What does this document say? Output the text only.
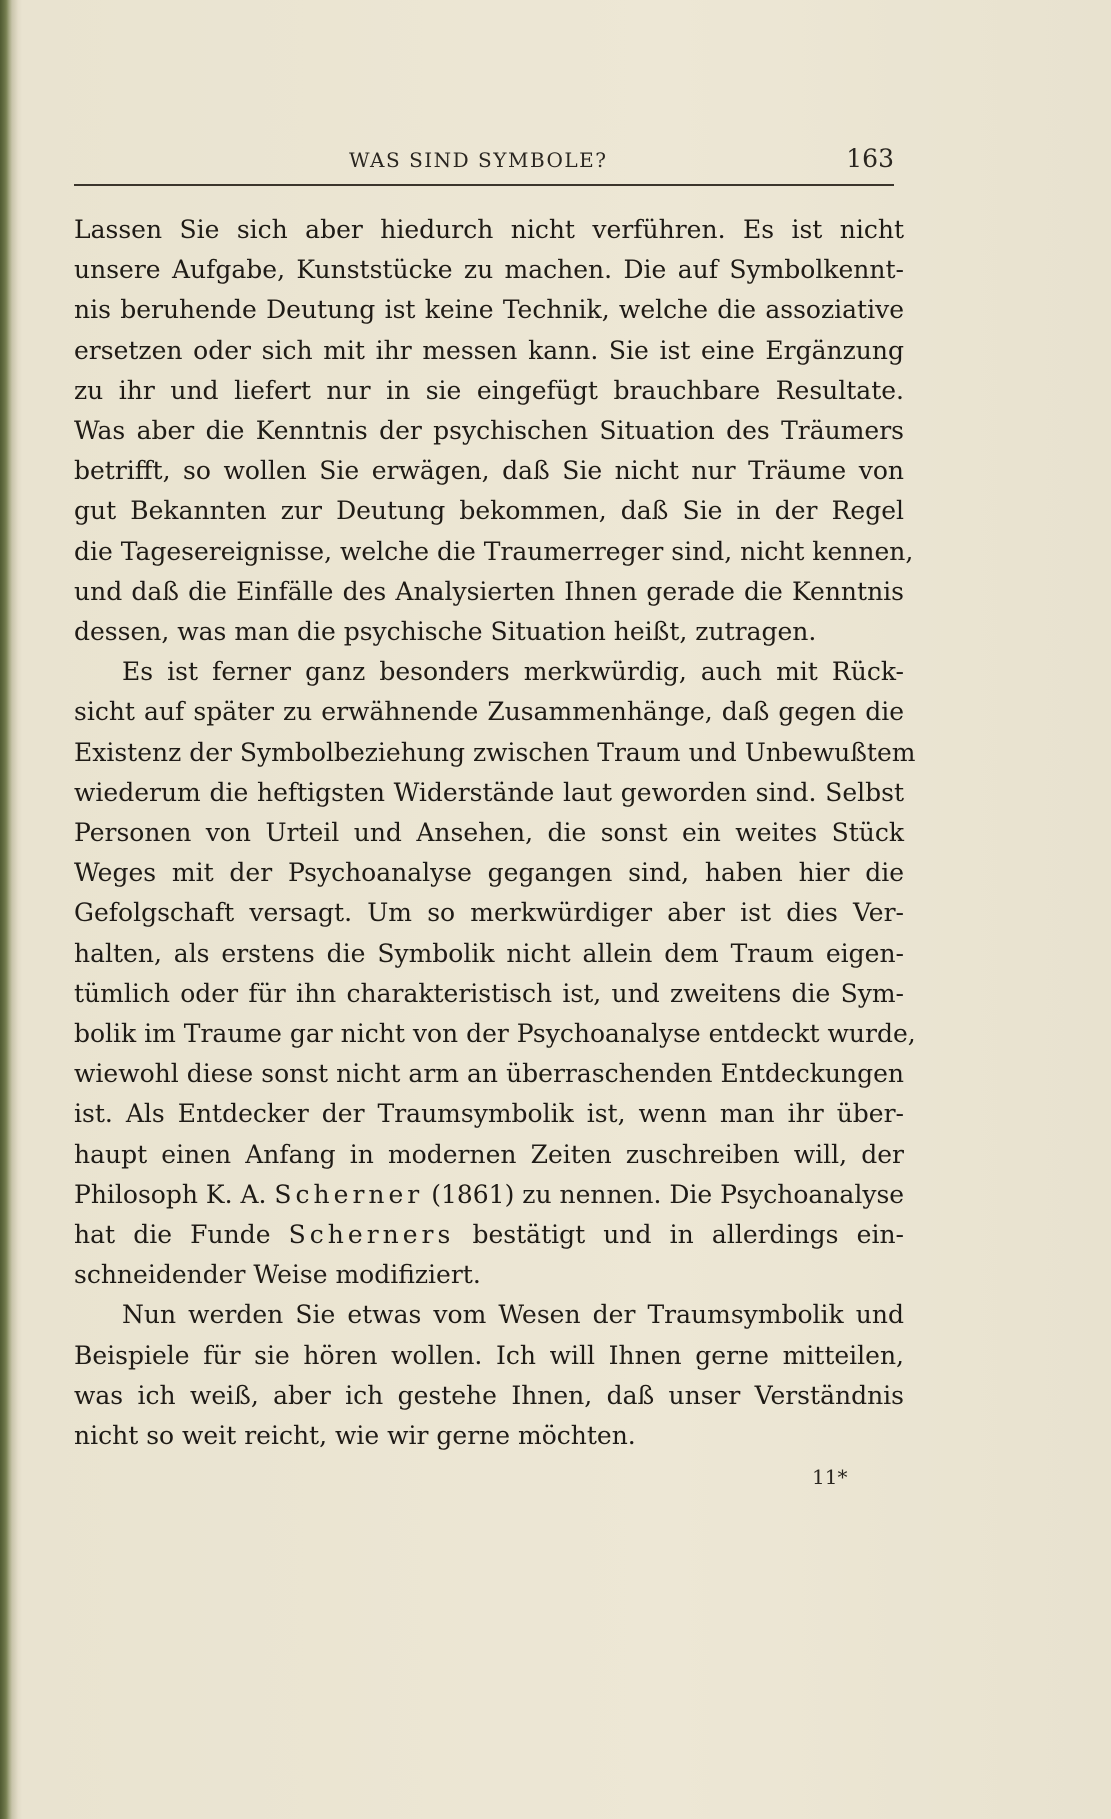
WAS SIND SYMBOLE?	163

Lassen Sie sich aber hiedurch nicht verführen. Es ist nicht
unsere Aufgabe, Kunststücke zu machen. Die auf Symbolkennt-
nis beruhende Deutung ist keine Technik, welche die assoziative
ersetzen oder sich mit ihr messen kann. Sie ist eine Ergänzung
zu ihr und liefert nur in sie eingefügt brauchbare Resultate.
Was aber die Kenntnis der psychischen Situation des Träumers
betrifft, so wollen Sie erwägen, daß Sie nicht nur Träume von
gut Bekannten zur Deutung bekommen, daß Sie in der Regel
die Tagesereignisse, welche die Traumerreger sind, nicht kennen,
und daß die Einfälle des Analysierten Ihnen gerade die Kenntnis
dessen, was man die psychische Situation heißt, zutragen.

Es ist ferner ganz besonders merkwürdig, auch mit Rück-
sicht auf später zu erwähnende Zusammenhänge, daß gegen die
Existenz der Symbolbeziehung zwischen Traum und Unbewußtem
wiederum die heftigsten Widerstände laut geworden sind. Selbst
Personen von Urteil und Ansehen, die sonst ein weites Stück
Weges mit der Psychoanalyse gegangen sind, haben hier die
Gefolgschaft versagt. Um so merkwürdiger aber ist dies Ver-
halten, als erstens die Symbolik nicht allein dem Traum eigen-
tümlich oder für ihn charakteristisch ist, und zweitens die Sym-
bolik im Traume gar nicht von der Psychoanalyse entdeckt wurde,
wiewohl diese sonst nicht arm an überraschenden Entdeckungen
ist. Als Entdecker der Traumsymbolik ist, wenn man ihr über-
haupt einen Anfang in modernen Zeiten zuschreiben will, der
Philosoph K. A. Scherner (1861) zu nennen. Die Psychoanalyse
hat die Funde Scherners bestätigt und in allerdings ein-
schneidender Weise modifiziert.

Nun werden Sie etwas vom Wesen der Traumsymbolik und
Beispiele für sie hören wollen. Ich will Ihnen gerne mitteilen,
was ich weiß, aber ich gestehe Ihnen, daß unser Verständnis
nicht so weit reicht, wie wir gerne möchten.

11*
